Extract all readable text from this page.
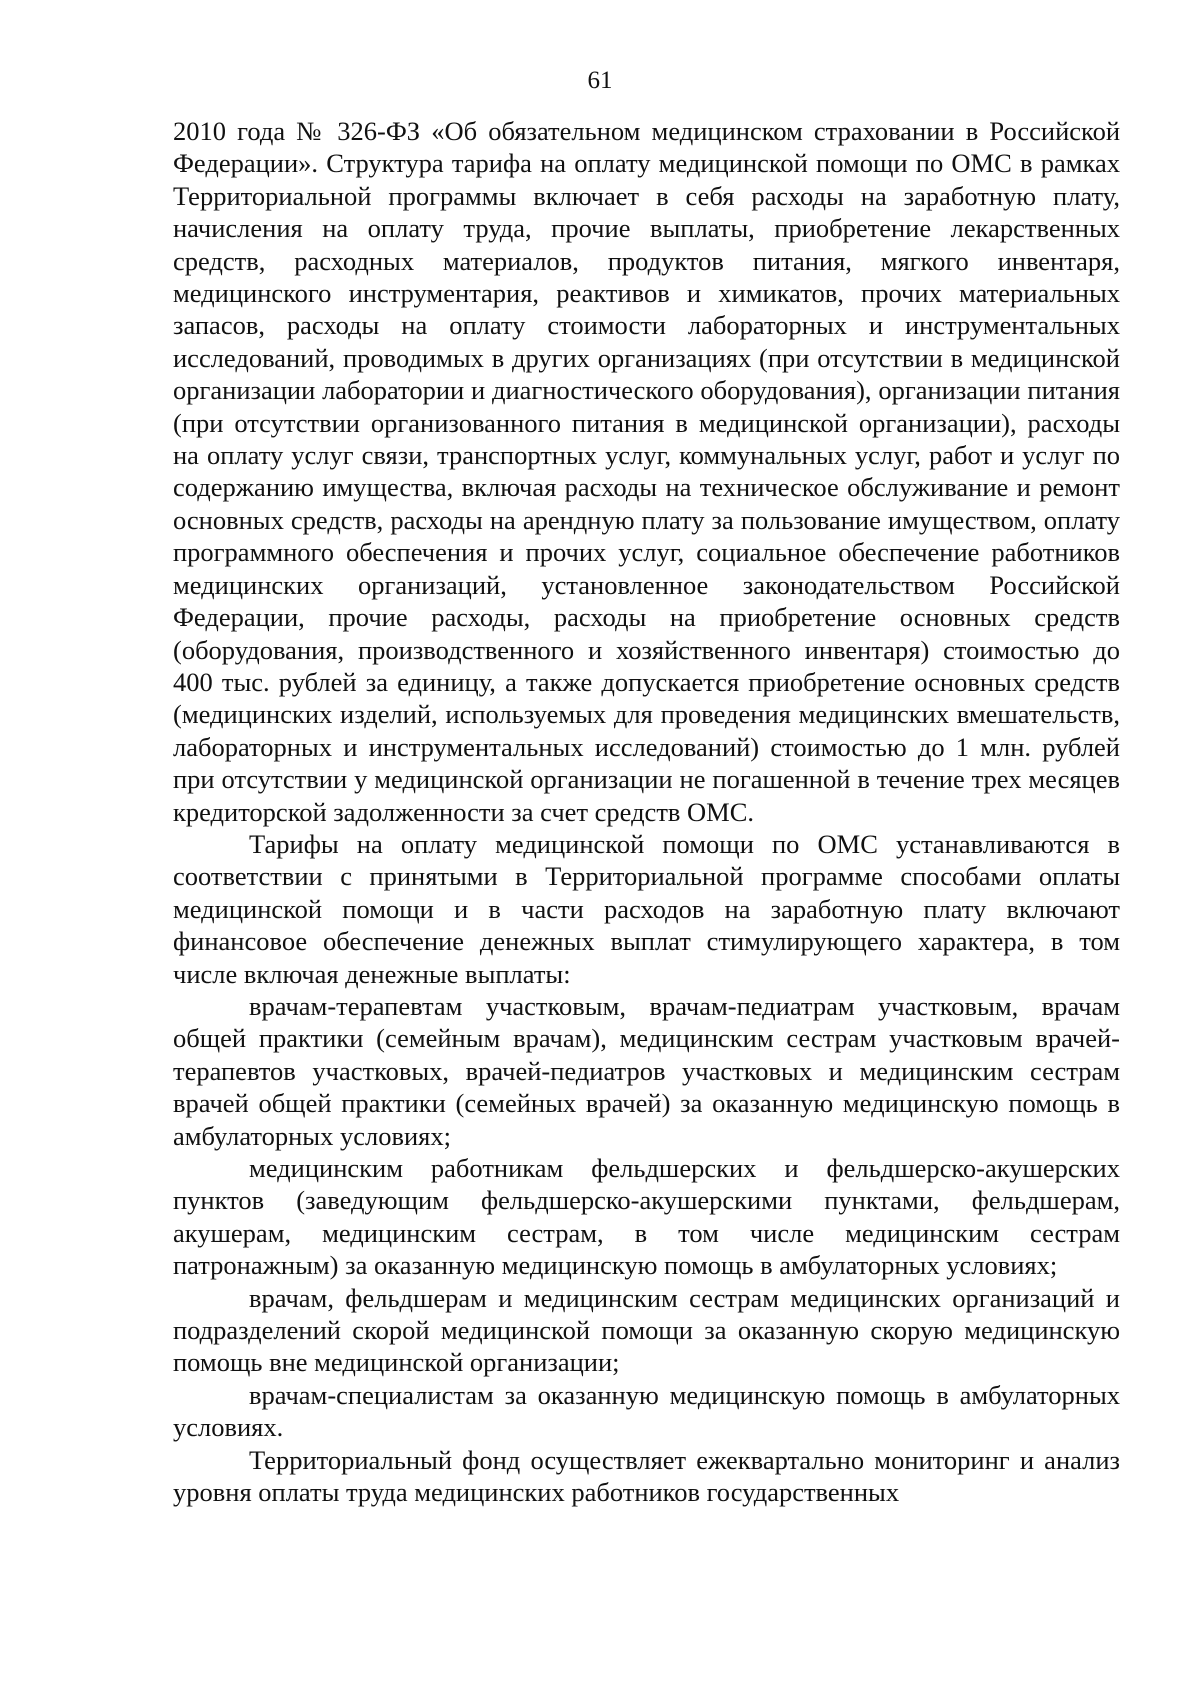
61

2010 года № 326-ФЗ «Об обязательном медицинском страховании в Российской Федерации». Структура тарифа на оплату медицинской помощи по ОМС в рамках Территориальной программы включает в себя расходы на заработную плату, начисления на оплату труда, прочие выплаты, приобретение лекарственных средств, расходных материалов, продуктов питания, мягкого инвентаря, медицинского инструментария, реактивов и химикатов, прочих материальных запасов, расходы на оплату стоимости лабораторных и инструментальных исследований, проводимых в других организациях (при отсутствии в медицинской организации лаборатории и диагностического оборудования), организации питания (при отсутствии организованного питания в медицинской организации), расходы на оплату услуг связи, транспортных услуг, коммунальных услуг, работ и услуг по содержанию имущества, включая расходы на техническое обслуживание и ремонт основных средств, расходы на арендную плату за пользование имуществом, оплату программного обеспечения и прочих услуг, социальное обеспечение работников медицинских организаций, установленное законодательством Российской Федерации, прочие расходы, расходы на приобретение основных средств (оборудования, производственного и хозяйственного инвентаря) стоимостью до 400 тыс. рублей за единицу, а также допускается приобретение основных средств (медицинских изделий, используемых для проведения медицинских вмешательств, лабораторных и инструментальных исследований) стоимостью до 1 млн. рублей при отсутствии у медицинской организации не погашенной в течение трех месяцев кредиторской задолженности за счет средств ОМС.

Тарифы на оплату медицинской помощи по ОМС устанавливаются в соответствии с принятыми в Территориальной программе способами оплаты медицинской помощи и в части расходов на заработную плату включают финансовое обеспечение денежных выплат стимулирующего характера, в том числе включая денежные выплаты:

врачам-терапевтам участковым, врачам-педиатрам участковым, врачам общей практики (семейным врачам), медицинским сестрам участковым врачей-терапевтов участковых, врачей-педиатров участковых и медицинским сестрам врачей общей практики (семейных врачей) за оказанную медицинскую помощь в амбулаторных условиях;

медицинским работникам фельдшерских и фельдшерско-акушерских пунктов (заведующим фельдшерско-акушерскими пунктами, фельдшерам, акушерам, медицинским сестрам, в том числе медицинским сестрам патронажным) за оказанную медицинскую помощь в амбулаторных условиях;

врачам, фельдшерам и медицинским сестрам медицинских организаций и подразделений скорой медицинской помощи за оказанную скорую медицинскую помощь вне медицинской организации;

врачам-специалистам за оказанную медицинскую помощь в амбулаторных условиях.

Территориальный фонд осуществляет ежеквартально мониторинг и анализ уровня оплаты труда медицинских работников государственных
